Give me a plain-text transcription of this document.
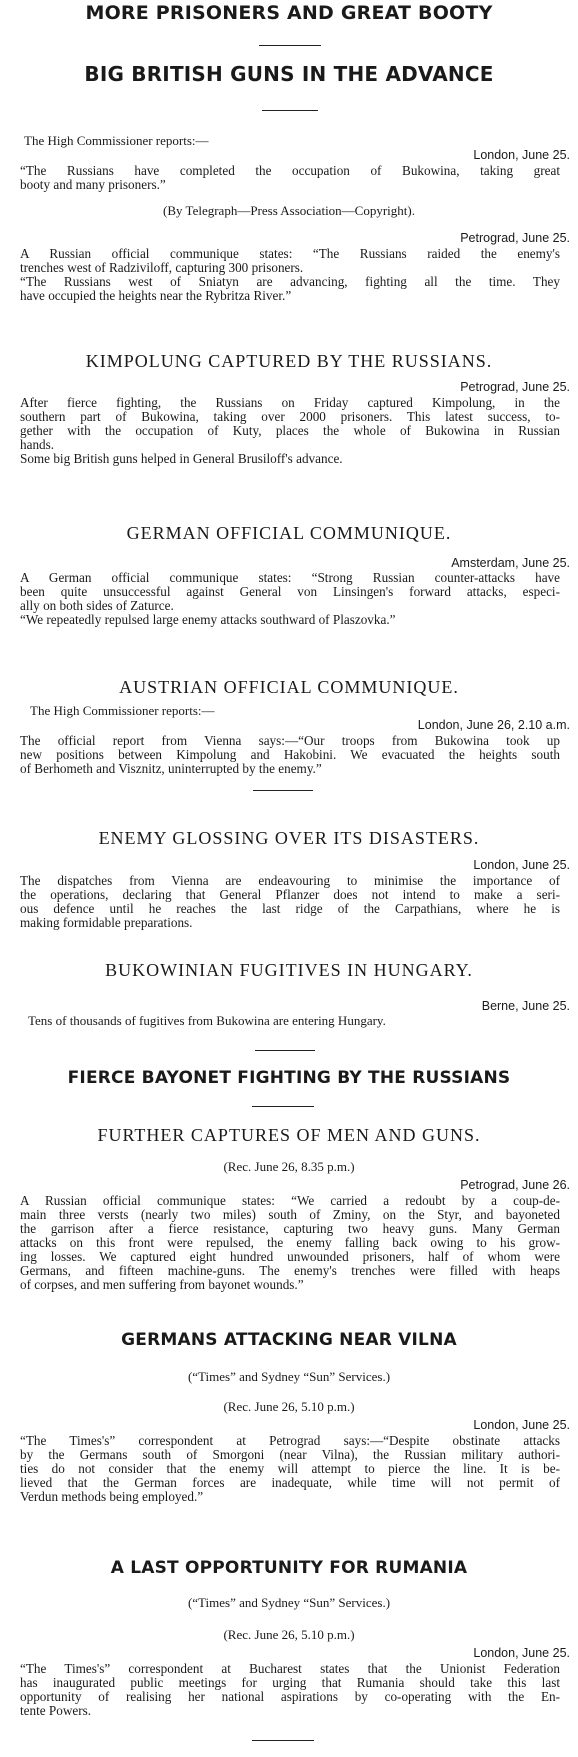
MORE PRISONERS AND GREAT BOOTY
BIG BRITISH GUNS IN THE ADVANCE
The High Commissioner reports:—
London, June 25.
“The Russians have completed the occupation of Bukowina, taking great
booty and many prisoners.”
(By Telegraph—Press Association—Copyright).
Petrograd, June 25.
A Russian official communique states: “The Russians raided the enemy's
trenches west of Radziviloff, capturing 300 prisoners.
“The Russians west of Sniatyn are advancing, fighting all the time. They
have occupied the heights near the Rybritza River.”
KIMPOLUNG CAPTURED BY THE RUSSIANS.
Petrograd, June 25.
After fierce fighting, the Russians on Friday captured Kimpolung, in the
southern part of Bukowina, taking over 2000 prisoners. This latest success, to-
gether with the occupation of Kuty, places the whole of Bukowina in Russian
hands.
Some big British guns helped in General Brusiloff's advance.
GERMAN OFFICIAL COMMUNIQUE.
Amsterdam, June 25.
A German official communique states: “Strong Russian counter-attacks have
been quite unsuccessful against General von Linsingen's forward attacks, especi-
ally on both sides of Zaturce.
“We repeatedly repulsed large enemy attacks southward of Plaszovka.”
AUSTRIAN OFFICIAL COMMUNIQUE.
The High Commissioner reports:—
London, June 26, 2.10 a.m.
The official report from Vienna says:—“Our troops from Bukowina took up
new positions between Kimpolung and Hakobini. We evacuated the heights south
of Berhometh and Visznitz, uninterrupted by the enemy.”
ENEMY GLOSSING OVER ITS DISASTERS.
London, June 25.
The dispatches from Vienna are endeavouring to minimise the importance of
the operations, declaring that General Pflanzer does not intend to make a seri-
ous defence until he reaches the last ridge of the Carpathians, where he is
making formidable preparations.
BUKOWINIAN FUGITIVES IN HUNGARY.
Berne, June 25.
Tens of thousands of fugitives from Bukowina are entering Hungary.
FIERCE BAYONET FIGHTING BY THE RUSSIANS
FURTHER CAPTURES OF MEN AND GUNS.
(Rec. June 26, 8.35 p.m.)
Petrograd, June 26.
A Russian official communique states: “We carried a redoubt by a coup-de-
main three versts (nearly two miles) south of Zminy, on the Styr, and bayoneted
the garrison after a fierce resistance, capturing two heavy guns. Many German
attacks on this front were repulsed, the enemy falling back owing to his grow-
ing losses. We captured eight hundred unwounded prisoners, half of whom were
Germans, and fifteen machine-guns. The enemy's trenches were filled with heaps
of corpses, and men suffering from bayonet wounds.”
GERMANS ATTACKING NEAR VILNA
(“Times” and Sydney “Sun” Services.)
(Rec. June 26, 5.10 p.m.)
London, June 25.
“The Times's” correspondent at Petrograd says:—“Despite obstinate attacks
by the Germans south of Smorgoni (near Vilna), the Russian military authori-
ties do not consider that the enemy will attempt to pierce the line. It is be-
lieved that the German forces are inadequate, while time will not permit of
Verdun methods being employed.”
A LAST OPPORTUNITY FOR RUMANIA
(“Times” and Sydney “Sun” Services.)
(Rec. June 26, 5.10 p.m.)
London, June 25.
“The Times's” correspondent at Bucharest states that the Unionist Federation
has inaugurated public meetings for urging that Rumania should take this last
opportunity of realising her national aspirations by co-operating with the En-
tente Powers.
